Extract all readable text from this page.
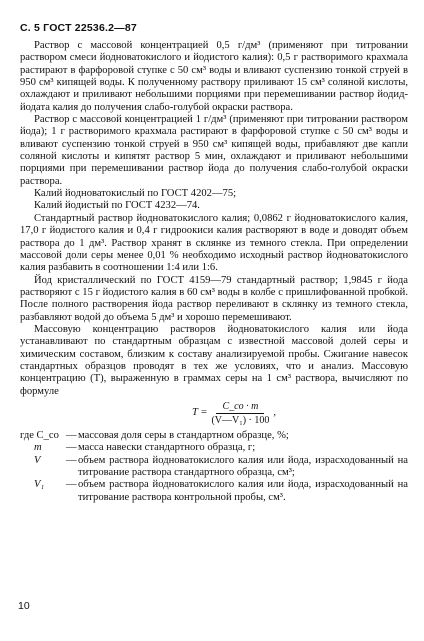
С. 5 ГОСТ 22536.2—87

Раствор с массовой концентрацией 0,5 г/дм³ (применяют при титровании раствором смеси йодноватокислого и йодистого калия): 0,5 г растворимого крахмала растирают в фарфоровой ступке с 50 см³ воды и вливают суспензию тонкой струей в 950 см³ кипящей воды. К полученному раствору приливают 15 см³ соляной кислоты, охлаждают и приливают небольшими порциями при перемешивании раствор йодид-йодата калия до получения слабо-голубой окраски раствора.

Раствор с массовой концентрацией 1 г/дм³ (применяют при титровании раствором йода); 1 г растворимого крахмала растирают в фарфоровой ступке с 50 см³ воды и вливают суспензию тонкой струей в 950 см³ кипящей воды, прибавляют две капли соляной кислоты и кипятят раствор 5 мин, охлаждают и приливают небольшими порциями при перемешивании раствор йода до получения слабо-голубой окраски раствора.

Калий йодноватокислый по ГОСТ 4202—75;

Калий йодистый по ГОСТ 4232—74.

Стандартный раствор йодноватокислого калия; 0,0862 г йодноватокислого калия, 17,0 г йодистого калия и 0,4 г гидроокиси калия растворяют в воде и доводят объем раствора до 1 дм³. Раствор хранят в склянке из темного стекла. При определении массовой доли серы менее 0,01 % необходимо исходный раствор йодноватокислого калия разбавить в соотношении 1:4 или 1:6.

Йод кристаллический по ГОСТ 4159—79 стандартный раствор; 1,9845 г йода растворяют с 15 г йодистого калия в 60 см³ воды в колбе с пришлифованной пробкой. После полного растворения йода раствор переливают в склянку из темного стекла, разбавляют водой до объема 5 дм³ и хорошо перемешивают.

Массовую концентрацию растворов йодноватокислого калия или йода устанавливают по стандартным образцам с известной массовой долей серы и химическим составом, близким к составу анализируемой пробы. Сжигание навесок стандартных образцов проводят в тех же условиях, что и анализ. Массовую концентрацию (T), выраженную в граммах серы на 1 см³ раствора, вычисляют по формуле

$T = \frac{C\_co \cdot m}{\text{(V—V₁) · 100}}$ ,
где C_co — массовая доля серы в стандартном образце, %;
m	— масса навески стандартного образца, г;
V	— объем раствора йодноватокислого калия или йода, израсходованный на титрование раствора стандартного образца, см³;
V₁	— объем раствора йодноватокислого калия или йода, израсходованный на титрование раствора контрольной пробы, см³.
10
